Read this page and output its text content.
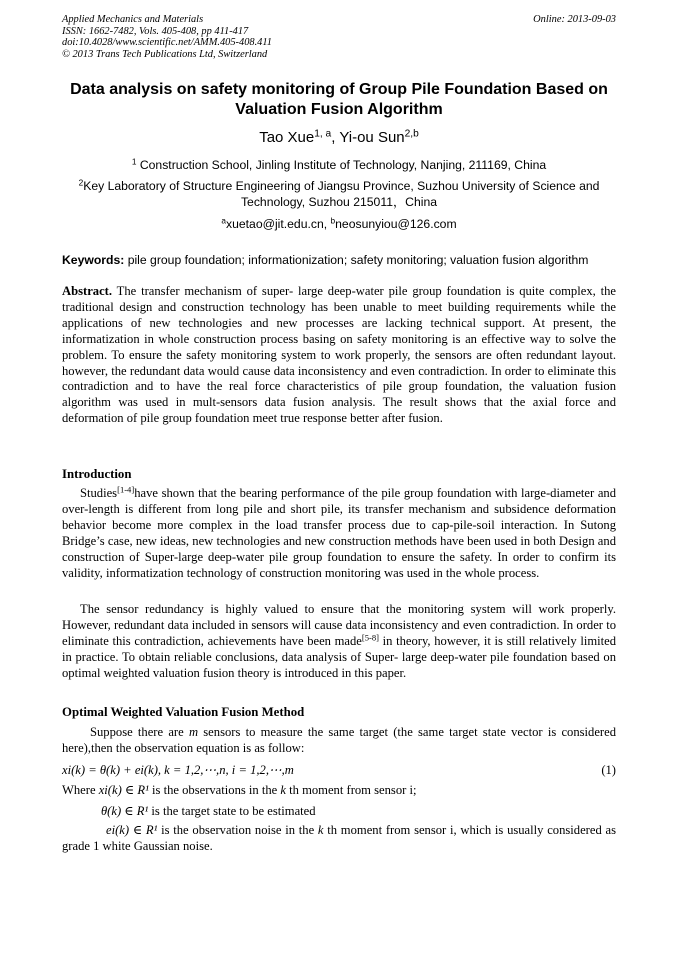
Applied Mechanics and Materials
ISSN: 1662-7482, Vols. 405-408, pp 411-417
doi:10.4028/www.scientific.net/AMM.405-408.411
© 2013 Trans Tech Publications Ltd, Switzerland
Online: 2013-09-03
Data analysis on safety monitoring of Group Pile Foundation Based on Valuation Fusion Algorithm
Tao Xue$^{1, a}$, Yi-ou Sun$^{2,b}$
$^1$ Construction School, Jinling Institute of Technology, Nanjing, 211169, China
$^2$Key Laboratory of Structure Engineering of Jiangsu Province, Suzhou University of Science and Technology, Suzhou 215011，China
$^a$xuetao@jit.edu.cn, $^b$neosunyiou@126.com
Keywords: pile group foundation; informationization; safety monitoring; valuation fusion algorithm

Abstract. The transfer mechanism of super- large deep-water pile group foundation is quite complex, the traditional design and construction technology has been unable to meet building requirements while the applications of new technologies and new processes are lacking technical support. At present, the informatization in whole construction process basing on safety monitoring is an effective way to solve the problem. To ensure the safety monitoring system to work properly, the sensors are often redundant layout. however, the redundant data would cause data inconsistency and even contradiction. In order to eliminate this contradiction and to have the real force characteristics of pile group foundation, the valuation fusion algorithm was used in mult-sensors data fusion analysis. The result shows that the axial force and deformation of pile group foundation meet true response better after fusion.

Introduction

Studies[1-4]have shown that the bearing performance of the pile group foundation with large-diameter and over-length is different from long pile and short pile, its transfer mechanism and subsidence deformation behavior become more complex in the load transfer process due to cap-pile-soil interaction. In Sutong Bridge’s case, new ideas, new technologies and new construction methods have been used in both Design and construction of Super-large deep-water pile group foundation to ensure the safety. In order to confirm its validity, informatization technology of construction monitoring was used in the whole process.

The sensor redundancy is highly valued to ensure that the monitoring system will work properly. However, redundant data included in sensors will cause data inconsistency and even contradiction. In order to eliminate this contradiction, achievements have been made[5-8] in theory, however, it is still relatively limited in practice. To obtain reliable conclusions, data analysis of Super- large deep-water pile foundation based on optimal weighted valuation fusion theory is introduced in this paper.

Optimal Weighted Valuation Fusion Method

Suppose there are m sensors to measure the same target (the same target state vector is considered here),then the observation equation is as follow:

xi(k) = θ(k) + ei(k), k = 1,2,⋯,n, i = 1,2,⋯,m	(1)
Where xi(k) ∈ R¹ is the observations in the k th moment from sensor i;
θ(k) ∈ R¹ is the target state to be estimated

ei(k) ∈ R¹ is the observation noise in the k th moment from sensor i, which is usually considered as grade 1 white Gaussian noise.
